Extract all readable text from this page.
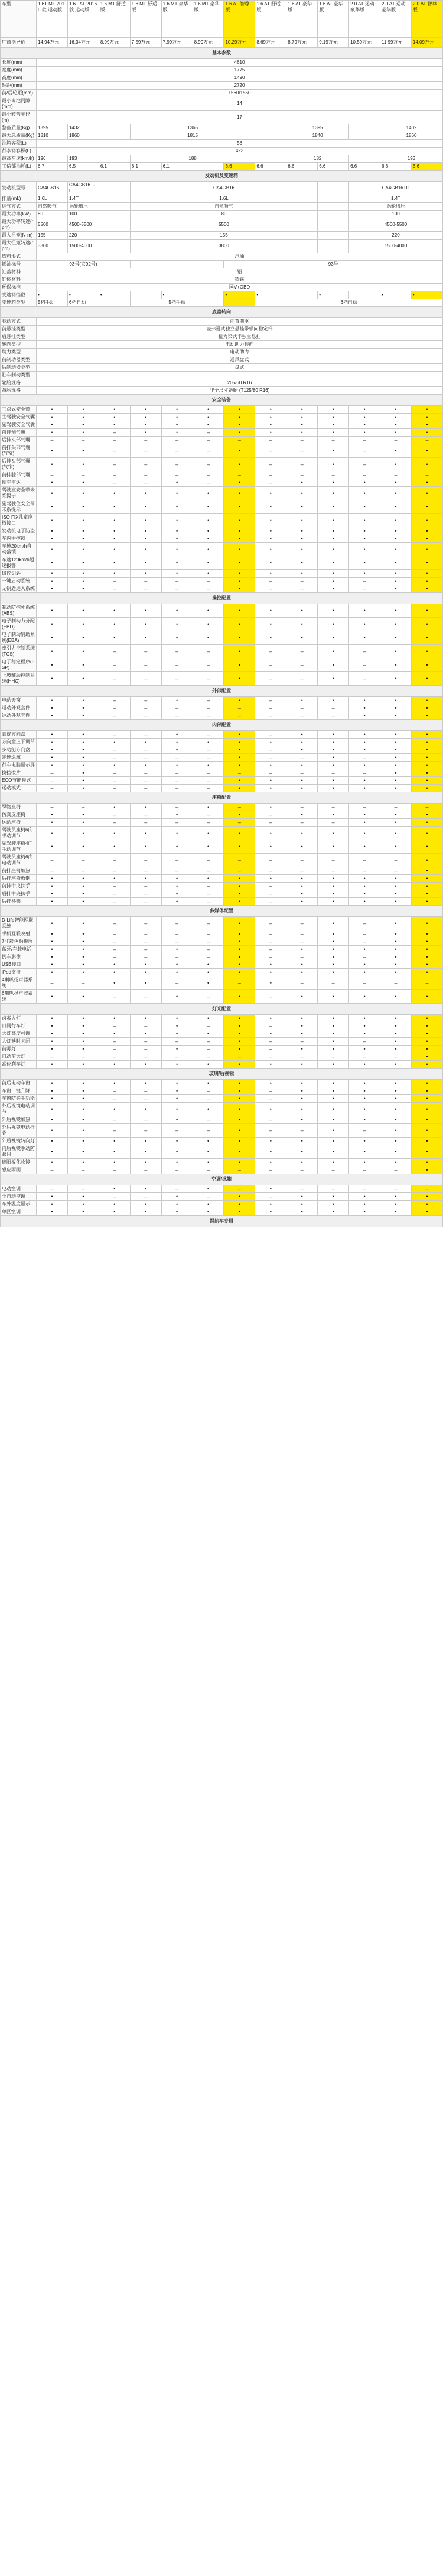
车型	1.6T MT 2016 款 运动版	1.6T AT 2016 款 运动版	1.6 MT 舒适版	1.6 MT 舒适版	1.6 MT 豪华版	1.6 MT 豪华版	1.6 AT 智尊版	1.6 AT 舒适版	1.6 AT 豪华版	1.6 AT 豪华版	2.0 AT 运动豪华版	2.0 AT 运动豪华版	2.0 AT 智尊版
厂商指导价	14.94万元	16.34万元	8.99万元	7.59万元	7.99万元	8.99万元	10.29万元	8.69万元	8.79万元	9.19万元	10.59万元	11.99万元	14.09万元
基本参数													
长度(mm)	4610												
宽度(mm)	1775												
高度(mm)	1490												
轴距(mm)	2720												
前/后轮距(mm)	1560/1560												
最小离地间隙(mm)	14												
最小转弯半径(m)	17												
整备质量(Kg)	1395	1432		1365					1395			1402	
最大总质量(Kg)	1810	1860		1815					1840			1860	
油箱容积(L)	58												
行李箱容积(L)	423												
最高车速(km/h)	196	193		188					182			193	
工信部油耗(L)	6.7	6.5	6.1	6.1	6.1		6.6	6.6	6.6	6.6	6.6	6.6	6.6
发动机及变速箱													
发动机型号	CA4GB16	CA4GB16T-F		CA4GB16							CA4GB16TD		
排量(mL)	1.6L	1.4T		1.6L							1.4T		
进气方式	自然吸气	涡轮增压		自然吸气							涡轮增压		
最大功率(kW)	80	100		80							100		
最大功率转速(rpm)	5500	4500-5500		5500							4500-5500		
最大扭矩(N·m)	155	220		155							220		
最大扭矩转速(rpm)	3800	1500-4000		3800							1500-4000		
燃料形式	汽油												
燃油标号	93号(京92号)						93号						
缸盖材料	铝												
缸体材料	铸铁												
环保标准	国V+OBD												
变速箱挡数	•	•	•		•		•	•		•		•	•
变速箱类型	5档手动	6档自动		5档手动				6档自动					
底盘转向													
驱动方式	前置前驱												
前悬挂类型	麦弗逊式独立悬挂带横向稳定杆												
后悬挂类型	扭力梁式半独立悬挂												
转向类型	电动助力转向												
助力类型	电动助力												
前制动器类型	通风盘式												
后制动器类型	盘式												
驻车制动类型													
轮胎规格	205/60 R16												
备胎规格	非全尺寸备胎 (T125/80 R16)												
安全装备													
三点式安全带	•	•	•	•	•	•	•	•	•	•	•	•	•
主驾驶安全气囊	•	•	•	•	•	•	•	•	•	•	•	•	•
副驾驶安全气囊	•	•	•	•	•	•	•	•	•	•	•	•	•
前排侧气囊	•	•	–	•	•	–	•	•	•	•	•	•	•
后排头部气囊	–	–	–	–	–	–	–	–	–	–	–	–	–
前排头部气囊(气帘)	•	•	–	–	–	–	•	–	–	•	–	•	•
后排头部气囊(气帘)	•	•	–	–	–	–	•	–	–	•	–	•	•
前排膝部气囊	–	–	–	–	–	–	–	–	–	–	–	–	–
倒车雷达	•	•	–	–	•	–	•	–	•	•	•	•	•
驾驶座安全带未系提示	•	•	•	•	•	•	•	•	•	•	•	•	•
副驾驶位安全带未系提示	•	•	•	•	•	•	•	•	•	•	•	•	•
ISO FIX儿童座椅接口	•	•	•	•	•	•	•	•	•	•	•	•	•
发动机电子防盗	•	•	•	•	•	•	•	•	•	•	•	•	•
车内中控锁	•	•	•	•	•	•	•	•	•	•	•	•	•
车速20km/h自动落锁	•	•	•	•	•	•	•	•	•	•	•	•	•
车速120km/h超速报警	•	•	•	•	•	•	•	•	•	•	•	•	•
遥控钥匙	•	•	•	•	•	•	•	•	•	•	•	•	•
一键启动系统	•	•	–	–	–	–	•	–	–	•	–	•	•
无钥匙进入系统	•	•	–	–	–	–	•	–	–	•	–	•	•
操控配置													
制动防抱死系统(ABS)	•	•	•	•	•	•	•	•	•	•	•	•	•
电子制动力分配(EBD)	•	•	•	•	•	•	•	•	•	•	•	•	•
电子制动辅助系统(EBA)	•	•	•	•	•	•	•	•	•	•	•	•	•
牵引力控制系统(TCS)	•	•	–	–	–	–	•	–	–	•	–	•	•
电子稳定程序(ESP)	•	•	–	–	–	–	•	–	–	•	–	•	•
上坡辅助控制系统(HHC)	•	•	–	–	–	–	•	–	–	•	–	•	•
外部配置													
电动天窗	•	•	–	–	•	–	•	–	•	•	•	•	•
运动外观套件	•	•	–	–	–	–	–	–	–	–	•	•	•
运动外观套件	•	•	–	–	–	–	–	–	–	–	•	•	•
内部配置													
真皮方向盘	•	•	–	–	•	–	•	–	•	•	•	•	•
方向盘上下调节	•	•	•	•	•	•	•	•	•	•	•	•	•
多功能方向盘	•	•	–	–	•	–	•	–	•	•	•	•	•
定速巡航	•	•	–	–	–	–	•	–	–	•	–	•	•
行车电脑显示屏	•	•	•	•	•	•	•	•	•	•	•	•	•
换挡拨片	–	•	–	–	–	–	–	–	–	–	–	•	•
ECO节能模式	–	•	–	–	–	–	•	•	•	•	•	•	•
运动模式	–	•	–	–	–	–	•	•	•	•	•	•	•
座椅配置													
织物座椅	–	–	•	•	–	•	–	•	–	–	–	–	–
仿真皮座椅	•	•	–	–	•	–	•	–	•	•	•	•	•
运动座椅	•	•	–	–	–	–	–	–	–	–	•	•	•
驾驶员座椅6向手动调节	•	•	•	•	•	•	•	•	•	•	•	•	•
副驾驶座椅4向手动调节	•	•	•	•	•	•	•	•	•	•	•	•	•
驾驶员座椅6向电动调节	–	–	–	–	–	–	–	–	–	–	–	–	•
前排座椅加热	–	–	–	–	–	–	–	–	–	–	–	–	•
后排座椅放倒	•	•	•	•	•	•	•	•	•	•	•	•	•
前排中央扶手	•	•	–	–	•	–	•	–	•	•	•	•	•
后排中央扶手	•	•	–	–	•	–	•	–	•	•	•	•	•
后排杯架	•	•	–	–	•	–	•	–	•	•	•	•	•
多媒体配置													
D-Life智能网联系统	•	•	–	–	–	–	•	–	–	•	–	•	•
手机互联映射	•	•	–	–	–	–	•	–	–	•	–	•	•
7寸彩色触摸屏	•	•	–	–	–	–	•	–	–	•	–	•	•
蓝牙/车载电话	•	•	–	–	•	–	•	–	•	•	•	•	•
倒车影像	•	•	–	–	–	–	•	–	–	•	–	•	•
USB接口	•	•	•	•	•	•	•	•	•	•	•	•	•
iPod支持	•	•	•	•	•	•	•	•	•	•	•	•	•
4喇叭扬声器系统	–	–	•	•	–	•	–	•	–	–	–	–	–
6喇叭扬声器系统	•	•	–	–	•	–	•	–	•	•	•	•	•
灯光配置													
卤素大灯	•	•	•	•	•	•	•	•	•	•	•	•	•
日间行车灯	•	•	–	–	•	–	•	–	•	•	•	•	•
大灯高度可调	•	•	•	•	•	•	•	•	•	•	•	•	•
大灯延时关闭	•	•	–	–	–	–	•	–	–	•	–	•	•
前雾灯	•	•	–	–	•	–	•	–	•	•	•	•	•
自动前大灯	–	–	–	–	–	–	–	–	–	–	–	–	•
高位刹车灯	•	•	•	•	•	•	•	•	•	•	•	•	•
玻璃/后视镜													
前后电动车窗	•	•	•	•	•	•	•	•	•	•	•	•	•
车窗一键升降	•	•	–	–	•	–	•	–	•	•	•	•	•
车窗防夹手功能	•	•	–	–	•	–	•	–	•	•	•	•	•
外后视镜电动调节	•	•	•	•	•	•	•	•	•	•	•	•	•
外后视镜加热	•	•	–	–	•	–	•	–	•	•	•	•	•
外后视镜电动折叠	•	•	–	–	–	–	•	–	–	•	–	•	•
外后视镜转向灯	•	•	•	•	•	•	•	•	•	•	•	•	•
内后视镜手动防眩目	•	•	•	•	•	•	•	•	•	•	•	•	•
遮阳板化妆镜	•	•	•	•	•	•	•	•	•	•	•	•	•
感应雨刷	–	–	–	–	–	–	–	–	–	–	–	–	•
空调/冰箱													
电动空调	–	–	•	•	–	•	–	•	–	–	–	–	–
全自动空调	•	•	–	–	•	–	•	–	•	•	•	•	•
车外温度显示	•	•	•	•	•	•	•	•	•	•	•	•	•
单区空调	•	•	•	•	•	•	•	•	•	•	•	•	•
网約车专用													
